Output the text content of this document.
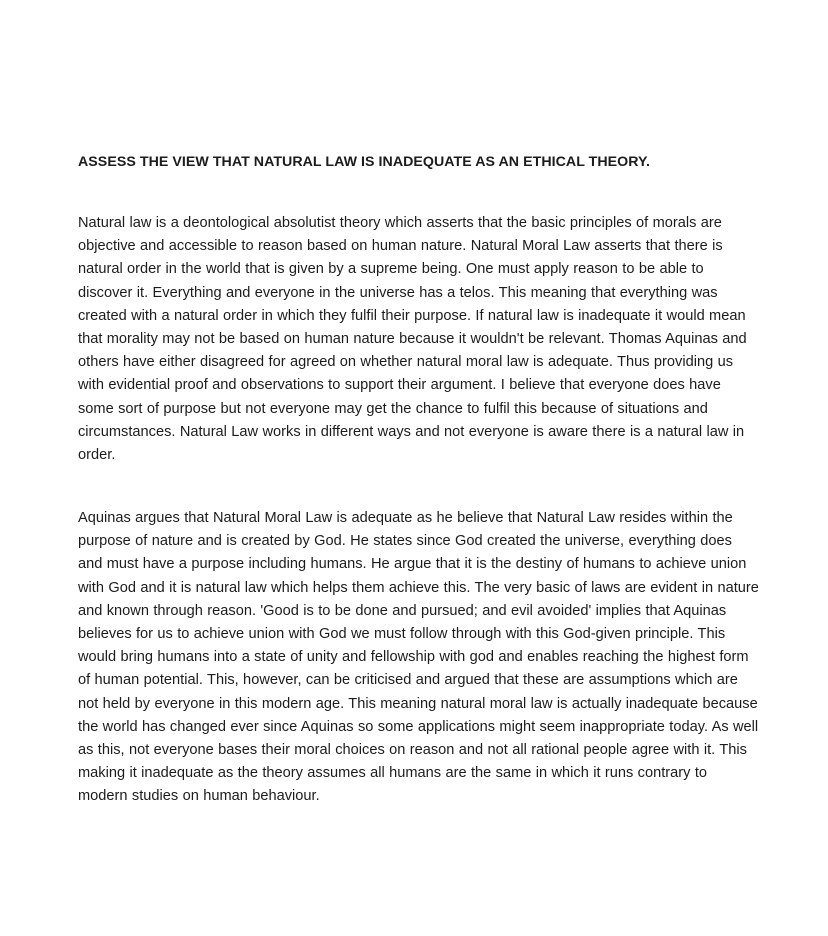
ASSESS THE VIEW THAT NATURAL LAW IS INADEQUATE AS AN ETHICAL THEORY.

Natural law is a deontological absolutist theory which asserts that the basic principles of morals are objective and accessible to reason based on human nature. Natural Moral Law asserts that there is natural order in the world that is given by a supreme being. One must apply reason to be able to discover it. Everything and everyone in the universe has a telos. This meaning that everything was created with a natural order in which they fulfil their purpose. If natural law is inadequate it would mean that morality may not be based on human nature because it wouldn't be relevant. Thomas Aquinas and others have either disagreed for agreed on whether natural moral law is adequate. Thus providing us with evidential proof and observations to support their argument. I believe that everyone does have some sort of purpose but not everyone may get the chance to fulfil this because of situations and circumstances. Natural Law works in different ways and not everyone is aware there is a natural law in order.

Aquinas argues that Natural Moral Law is adequate as he believe that Natural Law resides within the purpose of nature and is created by God. He states since God created the universe, everything does and must have a purpose including humans. He argue that it is the destiny of humans to achieve union with God and it is natural law which helps them achieve this. The very basic of laws are evident in nature and known through reason. 'Good is to be done and pursued; and evil avoided' implies that Aquinas believes for us to achieve union with God we must follow through with this God-given principle. This would bring humans into a state of unity and fellowship with god and enables reaching the highest form of human potential. This, however, can be criticised and argued that these are assumptions which are not held by everyone in this modern age. This meaning natural moral law is actually inadequate because the world has changed ever since Aquinas so some applications might seem inappropriate today. As well as this, not everyone bases their moral choices on reason and not all rational people agree with it. This making it inadequate as the theory assumes all humans are the same in which it runs contrary to modern studies on human behaviour.
